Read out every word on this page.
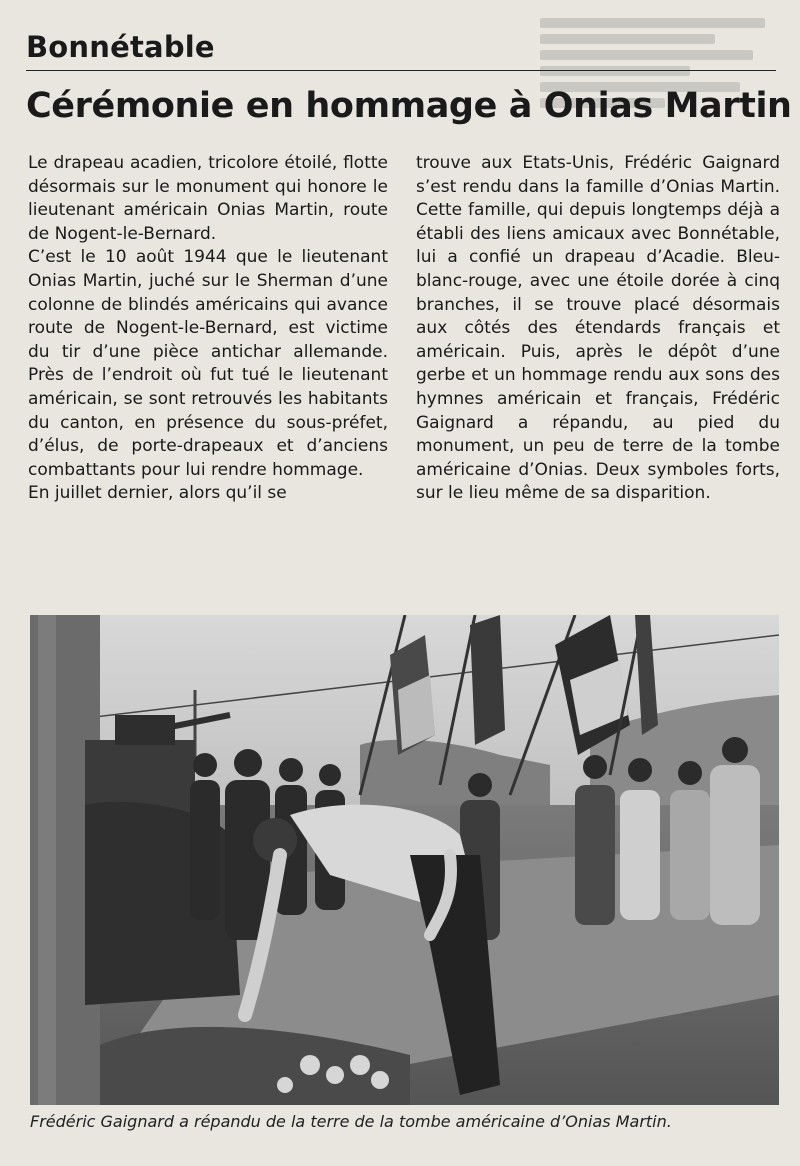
Bonnétable
Cérémonie en hommage à Onias Martin

Le drapeau acadien, tricolore étoilé, flotte désormais sur le monument qui honore le lieutenant américain Onias Martin, route de Nogent-le-Bernard.

C’est le 10 août 1944 que le lieutenant Onias Martin, juché sur le Sherman d’une colonne de blindés américains qui avance route de Nogent-le-Bernard, est victime du tir d’une pièce antichar allemande. Près de l’endroit où fut tué le lieutenant américain, se sont retrouvés les habitants du canton, en présence du sous-préfet, d’élus, de porte-drapeaux et d’anciens combattants pour lui rendre hommage.

En juillet dernier, alors qu’il se

trouve aux Etats-Unis, Frédéric Gaignard s’est rendu dans la famille d’Onias Martin. Cette famille, qui depuis longtemps déjà a établi des liens amicaux avec Bonnétable, lui a confié un drapeau d’Acadie. Bleu-blanc-rouge, avec une étoile dorée à cinq branches, il se trouve placé désormais aux côtés des étendards français et américain. Puis, après le dépôt d’une gerbe et un hommage rendu aux sons des hymnes américain et français, Frédéric Gaignard a répandu, au pied du monument, un peu de terre de la tombe américaine d’Onias. Deux symboles forts, sur le lieu même de sa disparition.

Frédéric Gaignard a répandu de la terre de la tombe américaine d’Onias Martin.
